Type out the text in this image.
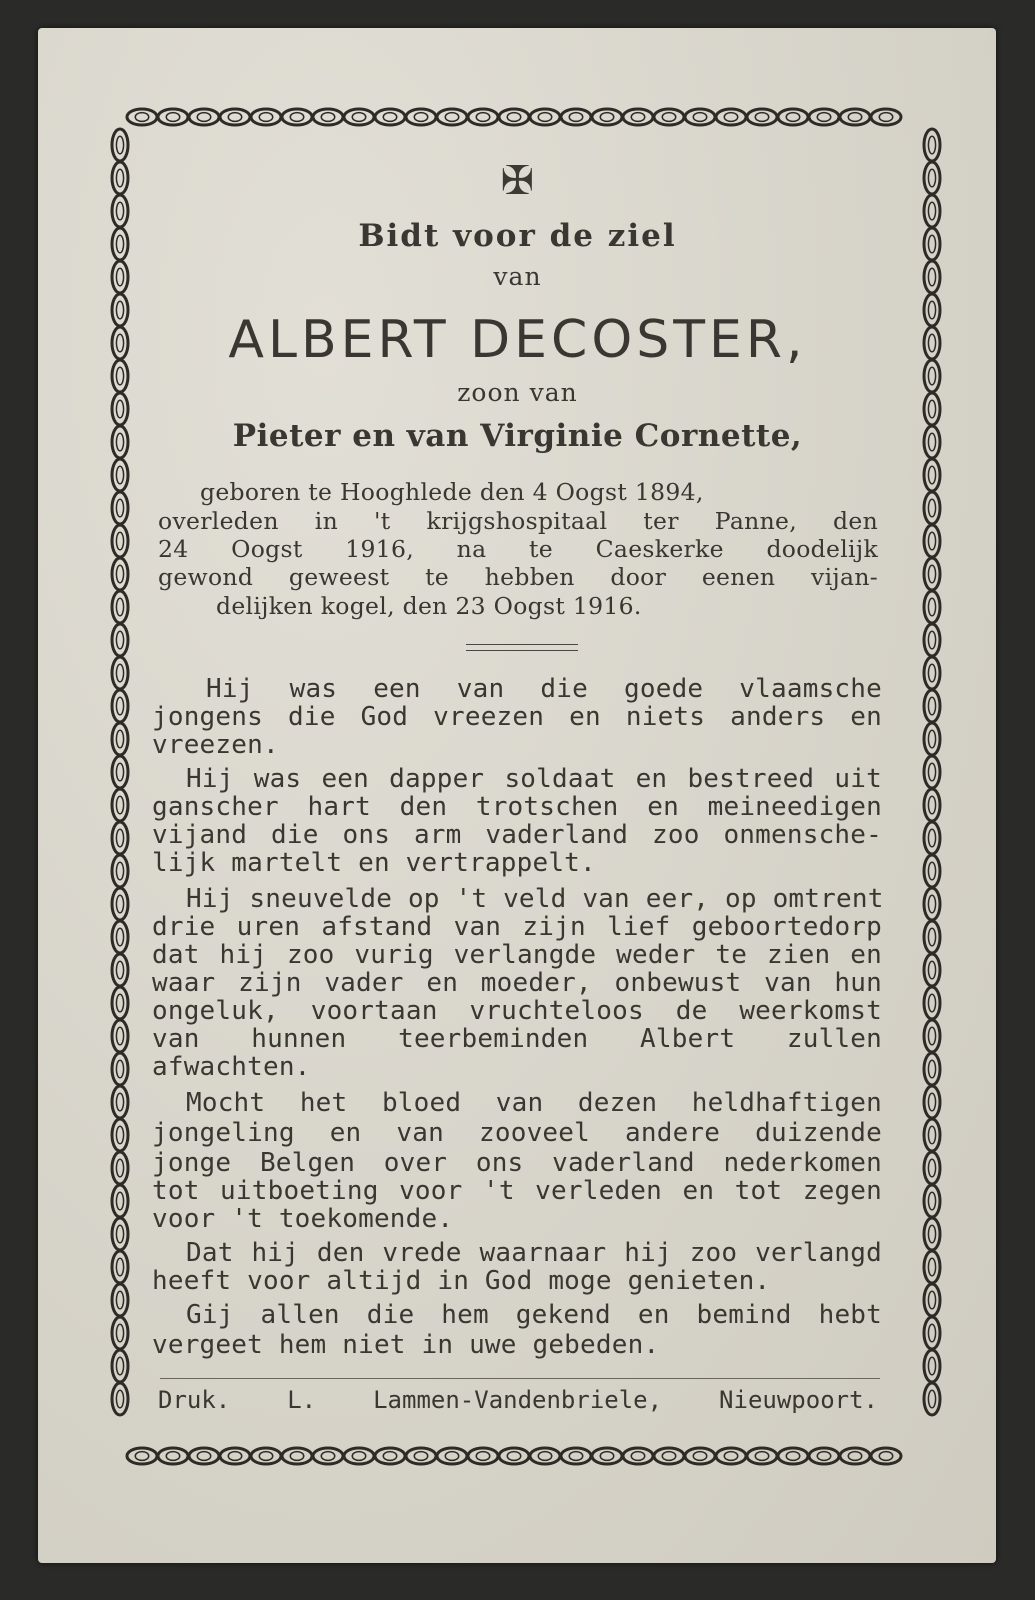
✠
Bidt voor de ziel
van
ALBERT DECOSTER,
zoon van
Pieter en van Virginie Cornette,
geboren te Hooghlede den 4 Oogst 1894,
overleden in 't krijgshospitaal ter Panne, den
24 Oogst 1916, na te Caeskerke doodelijk
gewond geweest te hebben door eenen vijan-
delijken kogel, den 23 Oogst 1916.
Hij was een van die goede vlaamsche
jongens die God vreezen en niets anders en
vreezen.
Hij was een dapper soldaat en bestreed uit
ganscher hart den trotschen en meineedigen
vijand die ons arm vaderland zoo onmensche-
lijk martelt en vertrappelt.
Hij sneuvelde op 't veld van eer, op omtrent
drie uren afstand van zijn lief geboortedorp
dat hij zoo vurig verlangde weder te zien en
waar zijn vader en moeder, onbewust van hun
ongeluk, voortaan vruchteloos de weerkomst
van hunnen teerbeminden Albert zullen
afwachten.
Mocht het bloed van dezen heldhaftigen
jongeling en van zooveel andere duizende
jonge Belgen over ons vaderland nederkomen
tot uitboeting voor 't verleden en tot zegen
voor 't toekomende.
Dat hij den vrede waarnaar hij zoo verlangd
heeft voor altijd in God moge genieten.
Gij allen die hem gekend en bemind hebt
vergeet hem niet in uwe gebeden.
Druk. L. Lammen-Vandenbriele, Nieuwpoort.
